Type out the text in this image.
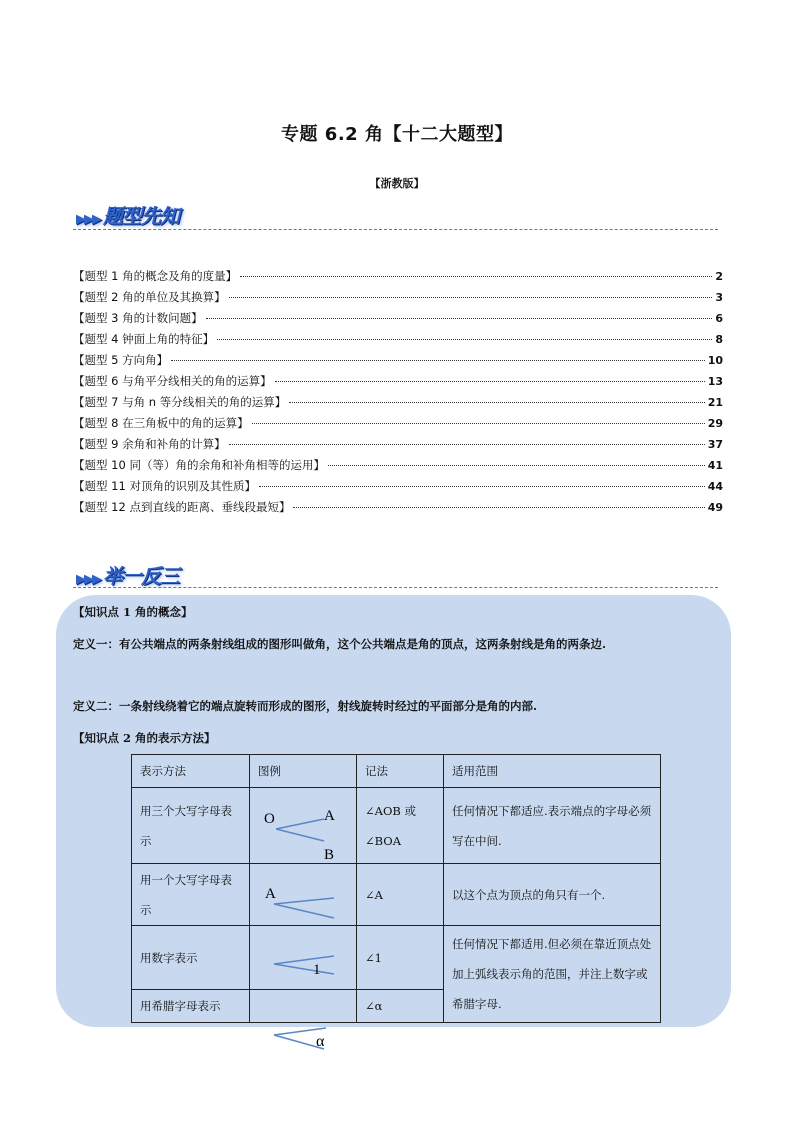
专题 6.2 角【十二大题型】
【浙教版】
▶▶▶ 题型先知
【题型 1 角的概念及角的度量】	2
【题型 2 角的单位及其换算】	3
【题型 3 角的计数问题】	6
【题型 4 钟面上角的特征】	8
【题型 5 方向角】	10
【题型 6 与角平分线相关的角的运算】	13
【题型 7 与角 n 等分线相关的角的运算】	21
【题型 8 在三角板中的角的运算】	29
【题型 9 余角和补角的计算】	37
【题型 10 同（等）角的余角和补角相等的运用】	41
【题型 11 对顶角的识别及其性质】	44
【题型 12 点到直线的距离、垂线段最短】	49
▶▶▶ 举一反三
【知识点 1 角的概念】
定义一：有公共端点的两条射线组成的图形叫做角，这个公共端点是角的顶点，这两条射线是角的两条边.
定义二：一条射线绕着它的端点旋转而形成的图形，射线旋转时经过的平面部分是角的内部.
【知识点 2 角的表示方法】
表示方法	图例	记法	适用范围
用三个大写字母表示		∠AOB 或∠BOA	任何情况下都适应.表示端点的字母必须写在中间.
用一个大写字母表示		∠A	以这个点为顶点的角只有一个.
用数字表示		∠1	任何情况下都适用.但必须在靠近顶点处加上弧线表示角的范围，并注上数字或希腊字母.
用希腊字母表示		∠α	
O	A
B
A
1
α
